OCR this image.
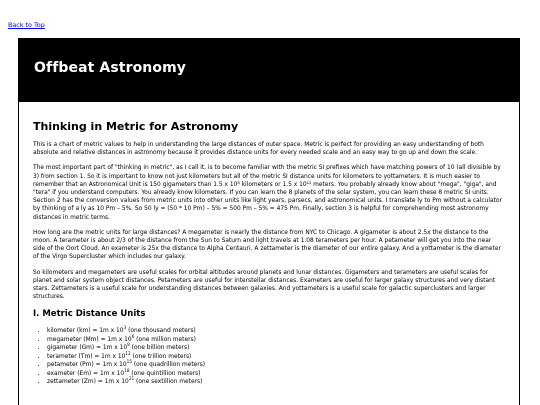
Back to Top
Offbeat Astronomy
Thinking in Metric for Astronomy

This is a chart of metric values to help in understanding the large distances of outer space. Metric is perfect for providing an easy understanding of both absolute and relative distances in astronomy because it provides distance units for every needed scale and an easy way to go up and down the scale.

The most important part of "thinking in metric", as I call it, is to become familiar with the metric SI prefixes which have matching powers of 10 (all divisible by 3) from section 1. So it is important to know not just kilometers but all of the metric SI distance units for kilometers to yottameters. It is much easier to remember that an Astronomical Unit is 150 gigameters than 1.5 x 10⁸ kilometers or 1.5 x 10¹¹ meters. You probably already know about "mega", "giga", and "tera" if you understand computers. You already know kilometers. If you can learn the 8 planets of the solar system, you can learn these 8 metric SI units. Section 2 has the conversion values from metric units into other units like light years, parsecs, and astronomical units. I translate ly to Pm without a calculator by thinking of a ly as 10 Pm – 5%. So 50 ly = (50 * 10 Pm) – 5% = 500 Pm – 5% = 475 Pm. Finally, section 3 is helpful for comprehending most astronomy distances in metric terms.

How long are the metric units for large distances? A megameter is nearly the distance from NYC to Chicago. A gigameter is about 2.5x the distance to the moon. A terameter is about 2/3 of the distance from the Sun to Saturn and light travels at 1.08 terameters per hour. A petameter will get you into the near side of the Oort Cloud. An exameter is 25x the distance to Alpha Centauri. A zettameter is the diameter of our entire galaxy. And a yottameter is the diameter of the Virgo Supercluster which includes our galaxy.

So kilometers and megameters are useful scales for orbital altitudes around planets and lunar distances. Gigameters and terameters are useful scales for planet and solar system object distances. Petameters are useful for interstellar distances. Exameters are useful for larger galaxy structures and very distant stars. Zettameters is a useful scale for understanding distances between galaxies. And yottameters is a useful scale for galactic superclusters and larger structures.

I. Metric Distance Units
• kilometer (km) = 1m x $10^3$ (one thousand meters)
• megameter (Mm) = 1m x $10^6$ (one million meters)
• gigameter (Gm) = 1m x $10^9$ (one billion meters)
• terameter (Tm) = 1m x $10^{12}$ (one trillion meters)
• petameter (Pm) = 1m x $10^{15}$ (one quadrillion meters)
• exameter (Em) = 1m x $10^{18}$ (one quintillion meters)
• zettameter (Zm) = 1m x $10^{21}$ (one sextillion meters)
